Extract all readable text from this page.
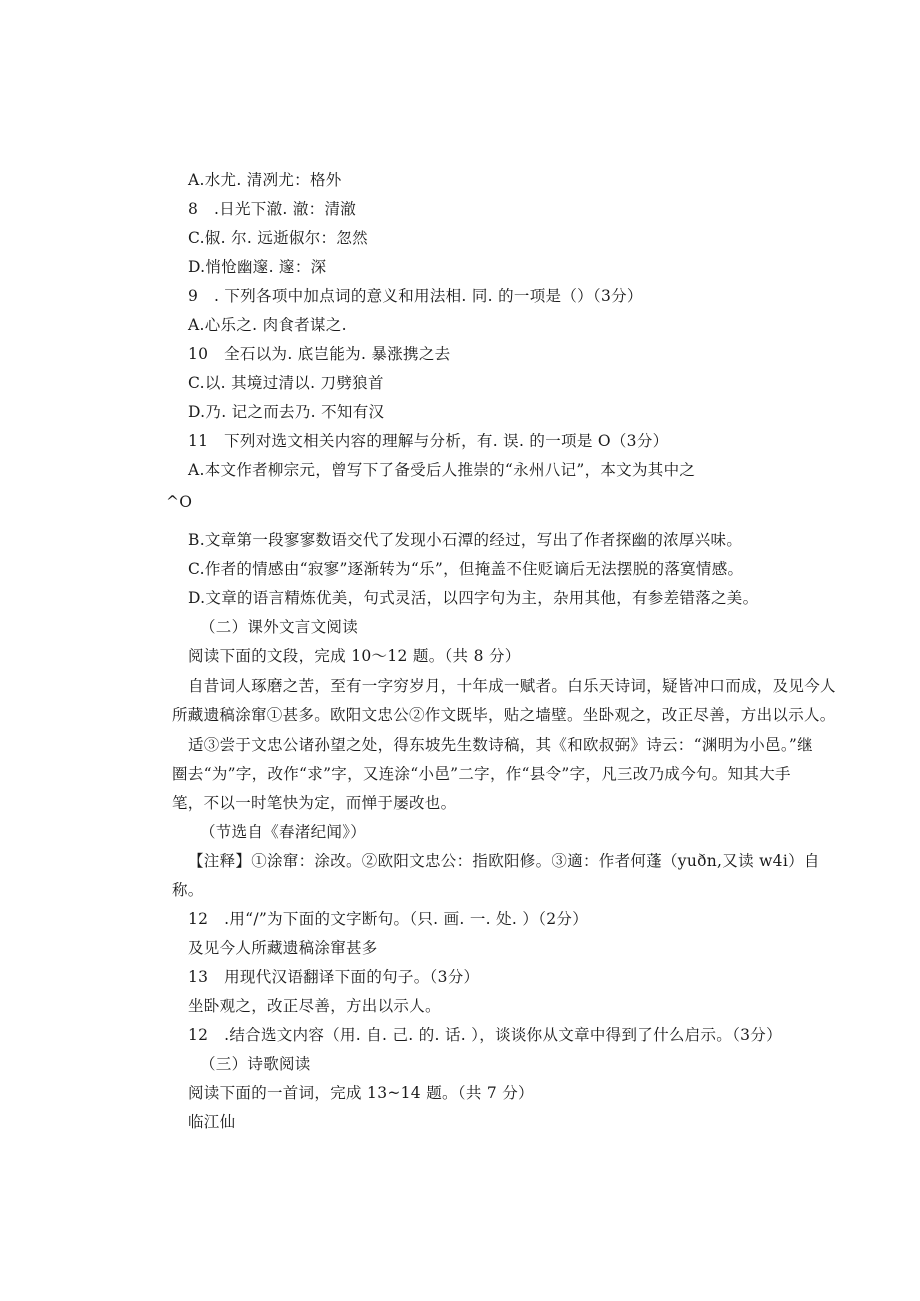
A.水尤. 清冽尤：格外
8　.日光下澈. 澈：清澈
C.俶. 尔. 远逝俶尔：忽然
D.悄怆幽邃. 邃：深
9　. 下列各项中加点词的意义和用法相. 同. 的一项是（）（3分）
A.心乐之. 肉食者谋之.
10　全石以为. 底岂能为. 暴涨携之去
C.以. 其境过清以. 刀劈狼首
D.乃. 记之而去乃. 不知有汉
11　下列对选文相关内容的理解与分析，有. 误. 的一项是 O（3分）
A.本文作者柳宗元，曾写下了备受后人推崇的“永州八记”，本文为其中之
^O
B.文章第一段寥寥数语交代了发现小石潭的经过，写出了作者探幽的浓厚兴味。
C.作者的情感由“寂寥”逐渐转为“乐”，但掩盖不住贬谪后无法摆脱的落寞情感。
D.文章的语言精炼优美，句式灵活，以四字句为主，杂用其他，有参差错落之美。
（二）课外文言文阅读
阅读下面的文段，完成 10～12 题。（共 8 分）
自昔词人琢磨之苦，至有一字穷岁月，十年成一赋者。白乐天诗词，疑皆冲口而成，及见今人
所藏遗稿涂窜①甚多。欧阳文忠公②作文既毕，贴之墙壁。坐卧观之，改正尽善，方出以示人。
适③尝于文忠公诸孙望之处，得东坡先生数诗稿，其《和欧叔弼》诗云：“渊明为小邑。”继
圈去“为”字，改作“求”字，又连涂“小邑”二字，作“县令”字，凡三改乃成今句。知其大手
笔，不以一时笔快为定，而惮于屡改也。
（节选自《春渚纪闻》）
【注释】①涂窜：涂改。②欧阳文忠公：指欧阳修。③適：作者何蓬（yuðn,又读 w4i）自
称。
12　.用“/”为下面的文字断句。（只. 画. 一. 处. ）（2分）
及见今人所藏遗稿涂窜甚多
13　用现代汉语翻译下面的句子。（3分）
坐卧观之，改正尽善，方出以示人。
12　.结合选文内容（用. 自. 己. 的. 话. ），谈谈你从文章中得到了什么启示。（3分）
（三）诗歌阅读
阅读下面的一首词，完成 13~14 题。（共 7 分）
临江仙
